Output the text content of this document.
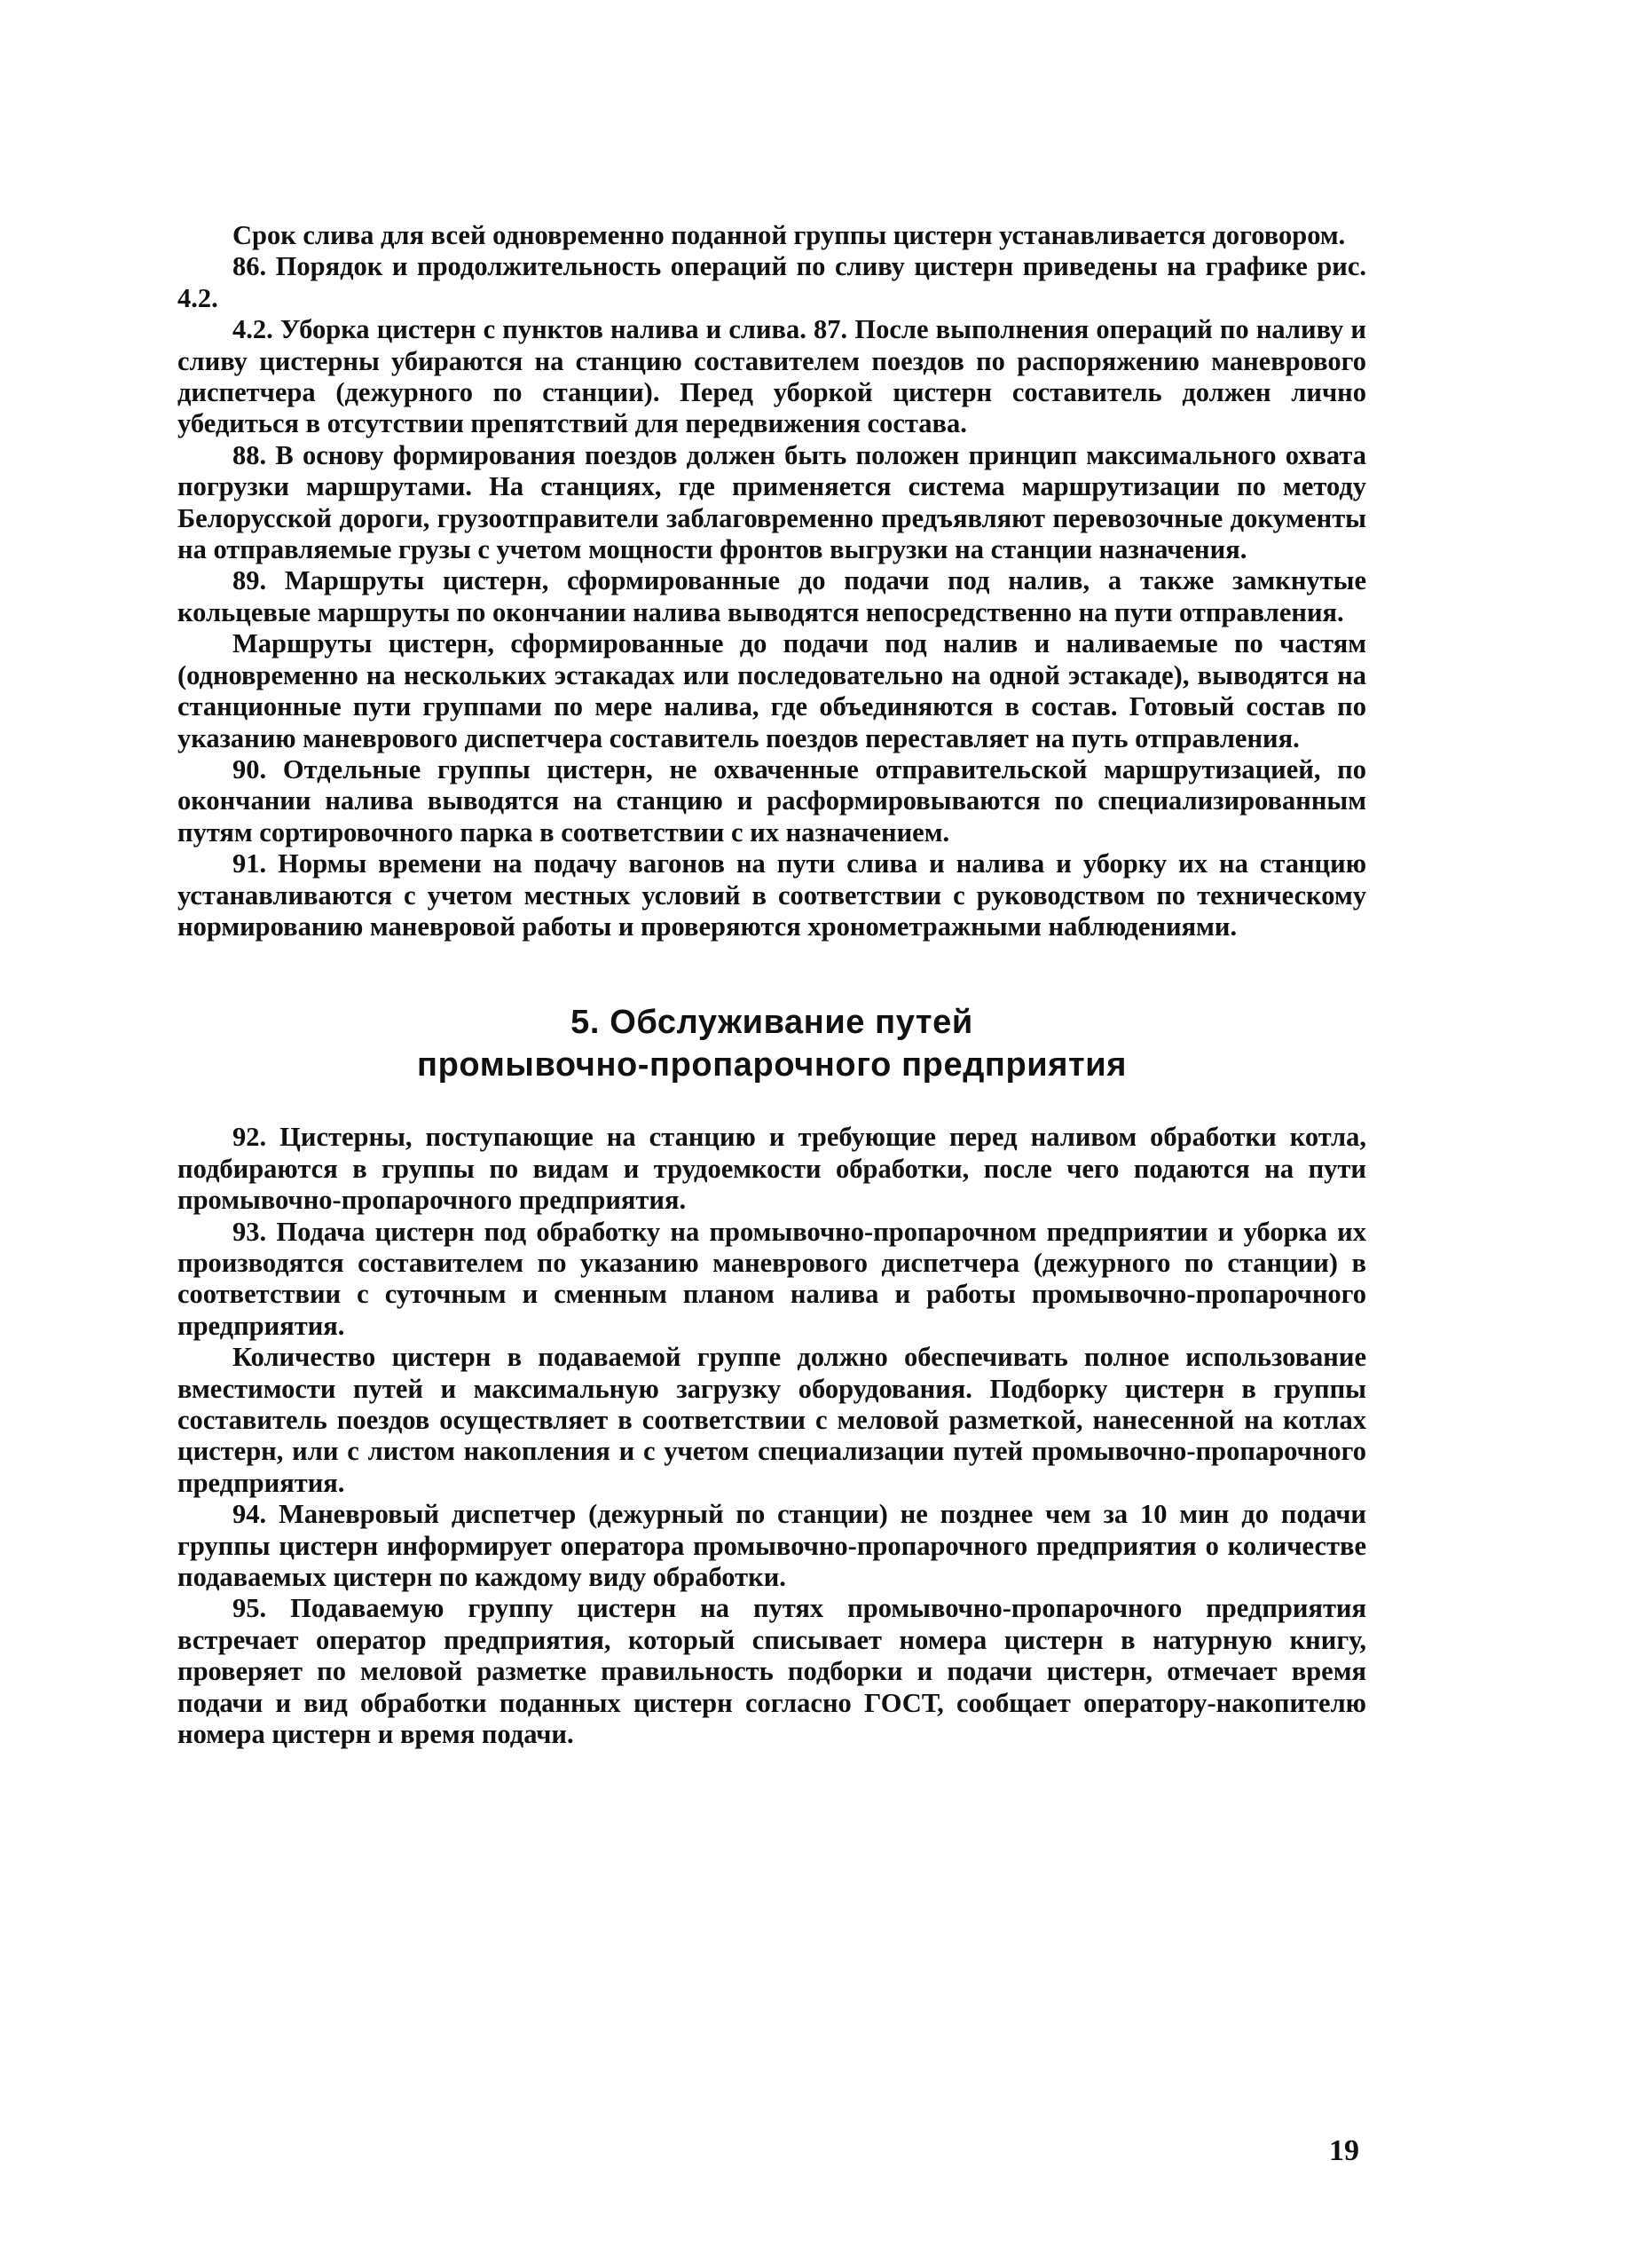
Срок слива для всей одновременно поданной группы цистерн устанавливается договором.

86. Порядок и продолжительность операций по сливу цистерн приведены на графике рис. 4.2.

4.2. Уборка цистерн с пунктов налива и слива. 87. После выполнения операций по наливу и сливу цистерны убираются на станцию составителем поездов по распоряжению маневрового диспетчера (дежурного по станции). Перед уборкой цистерн составитель должен лично убедиться в отсутствии препятствий для передвижения состава.

88. В основу формирования поездов должен быть положен принцип максимального охвата погрузки маршрутами. На станциях, где применяется система маршрутизации по методу Белорусской дороги, грузоотправители заблаговременно предъявляют перевозочные документы на отправляемые грузы с учетом мощности фронтов выгрузки на станции назначения.

89. Маршруты цистерн, сформированные до подачи под налив, а также замкнутые кольцевые маршруты по окончании налива выводятся непосредственно на пути отправления.

Маршруты цистерн, сформированные до подачи под налив и наливаемые по частям (одновременно на нескольких эстакадах или последовательно на одной эстакаде), выводятся на станционные пути группами по мере налива, где объединяются в состав. Готовый состав по указанию маневрового диспетчера составитель поездов переставляет на путь отправления.

90. Отдельные группы цистерн, не охваченные отправительской маршрутизацией, по окончании налива выводятся на станцию и расформировываются по специализированным путям сортировочного парка в соответствии с их назначением.

91. Нормы времени на подачу вагонов на пути слива и налива и уборку их на станцию устанавливаются с учетом местных условий в соответствии с руководством по техническому нормированию маневровой работы и проверяются хронометражными наблюдениями.

5. Обслуживание путей
промывочно-пропарочного предприятия

92. Цистерны, поступающие на станцию и требующие перед наливом обработки котла, подбираются в группы по видам и трудоемкости обработки, после чего подаются на пути промывочно-пропарочного предприятия.

93. Подача цистерн под обработку на промывочно-пропарочном предприятии и уборка их производятся составителем по указанию маневрового диспетчера (дежурного по станции) в соответствии с суточным и сменным планом налива и работы промывочно-пропарочного предприятия.

Количество цистерн в подаваемой группе должно обеспечивать полное использование вместимости путей и максимальную загрузку оборудования. Подборку цистерн в группы составитель поездов осуществляет в соответствии с меловой разметкой, нанесенной на котлах цистерн, или с листом накопления и с учетом специализации путей промывочно-пропарочного предприятия.

94. Маневровый диспетчер (дежурный по станции) не позднее чем за 10 мин до подачи группы цистерн информирует оператора промывочно-пропарочного предприятия о количестве подаваемых цистерн по каждому виду обработки.

95. Подаваемую группу цистерн на путях промывочно-пропарочного предприятия встречает оператор предприятия, который списывает номера цистерн в натурную книгу, проверяет по меловой разметке правильность подборки и подачи цистерн, отмечает время подачи и вид обработки поданных цистерн согласно ГОСТ, сообщает оператору-накопителю номера цистерн и время подачи.

19
